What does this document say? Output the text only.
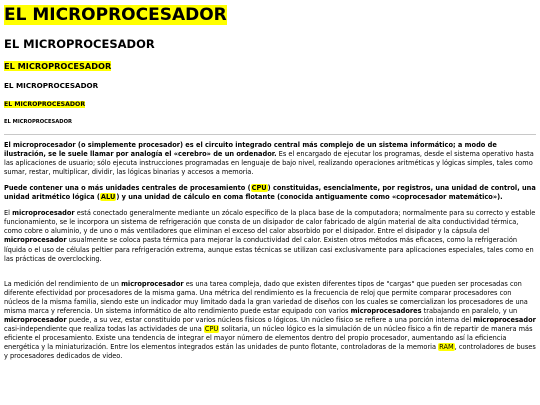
EL MICROPROCESADOR
EL MICROPROCESADOR
EL MICROPROCESADOR
EL MICROPROCESADOR
EL MICROPROCESADOR
EL MICROPROCESADOR

El microprocesador (o simplemente procesador) es el circuito integrado central más complejo de un sistema informático; a modo de ilustración, se le suele llamar por analogía el «cerebro» de un ordenador. Es el encargado de ejecutar los programas, desde el sistema operativo hasta las aplicaciones de usuario; sólo ejecuta instrucciones programadas en lenguaje de bajo nivel, realizando operaciones aritméticas y lógicas simples, tales como sumar, restar, multiplicar, dividir, las lógicas binarias y accesos a memoria.

Puede contener una o más unidades centrales de procesamiento (CPU) constituidas, esencialmente, por registros, una unidad de control, una unidad aritmético lógica (ALU) y una unidad de cálculo en coma flotante (conocida antiguamente como «coprocesador matemático»).

El microprocesador está conectado generalmente mediante un zócalo específico de la placa base de la computadora; normalmente para su correcto y estable funcionamiento, se le incorpora un sistema de refrigeración que consta de un disipador de calor fabricado de algún material de alta conductividad térmica, como cobre o aluminio, y de uno o más ventiladores que eliminan el exceso del calor absorbido por el disipador. Entre el disipador y la cápsula del microprocesador usualmente se coloca pasta térmica para mejorar la conductividad del calor. Existen otros métodos más eficaces, como la refrigeración líquida o el uso de células peltier para refrigeración extrema, aunque estas técnicas se utilizan casi exclusivamente para aplicaciones especiales, tales como en las prácticas de overclocking.

La medición del rendimiento de un microprocesador es una tarea compleja, dado que existen diferentes tipos de "cargas" que pueden ser procesadas con diferente efectividad por procesadores de la misma gama. Una métrica del rendimiento es la frecuencia de reloj que permite comparar procesadores con núcleos de la misma familia, siendo este un indicador muy limitado dada la gran variedad de diseños con los cuales se comercializan los procesadores de una misma marca y referencia. Un sistema informático de alto rendimiento puede estar equipado con varios microprocesadores trabajando en paralelo, y un microprocesador puede, a su vez, estar constituido por varios núcleos físicos o lógicos. Un núcleo físico se refiere a una porción interna del microprocesador casi-independiente que realiza todas las actividades de una CPU solitaria, un núcleo lógico es la simulación de un núcleo físico a fin de repartir de manera más eficiente el procesamiento. Existe una tendencia de integrar el mayor número de elementos dentro del propio procesador, aumentando así la eficiencia energética y la miniaturización. Entre los elementos integrados están las unidades de punto flotante, controladoras de la memoria RAM, controladores de buses y procesadores dedicados de video.
